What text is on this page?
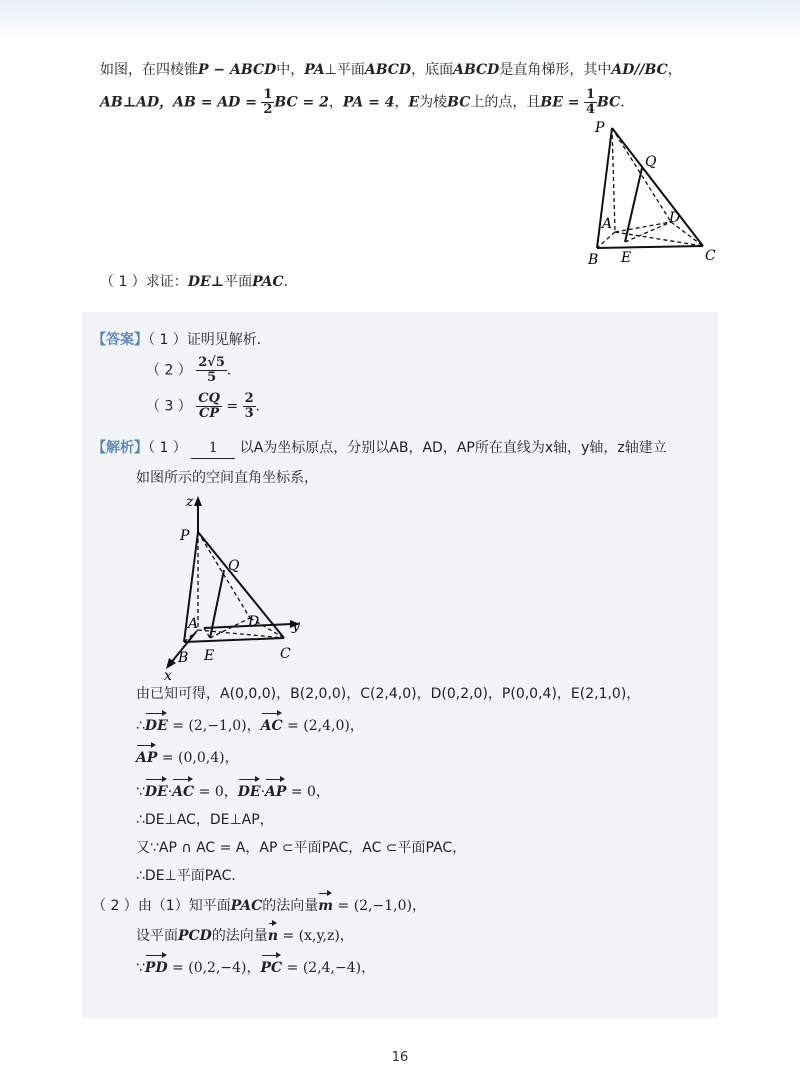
如图，在四棱锥P − ABCD中，PA⊥平面ABCD，底面ABCD是直角梯形，其中AD//BC，
AB⊥AD，AB = AD = $\frac{1}{2}$ BC = 2，PA = 4，E为棱BC上的点，且BE = $\frac{1}{4}$ BC．
P
Q
D
A
B E	C
（ 1 ）求证：DE⊥平面PAC．
【答案】（ 1 ）证明见解析．
（ 2 ） $\frac{2√5}{5}$ ．
（ 3 ） $\frac{CQ}{CP} = \frac{2}{3}$ ．
【解析】（ 1 ） 1 以A为坐标原点，分别以AB，AD，AP所在直线为x轴，y轴，z轴建立
如图所示的空间直角坐标系，
z
P
Q
A	D y
B E	C
x
由已知可得，A(0,0,0)，B(2,0,0)，C(2,4,0)，D(0,2,0)，P(0,0,4)，E(2,1,0)，
∴DE = (2,−1,0)，AC = (2,4,0)，
AP = (0,0,4)，
∵DE·AC = 0，DE·AP = 0，
∴DE⊥AC，DE⊥AP，
又∵AP ∩ AC = A，AP ⊂平面PAC，AC ⊂平面PAC，
∴DE⊥平面PAC．
（ 2 ）由（1）知平面PAC的法向量m = (2,−1,0)，
设平面PCD的法向量n = (x,y,z)，
∵PD = (0,2,−4)，PC = (2,4,−4)，
16
